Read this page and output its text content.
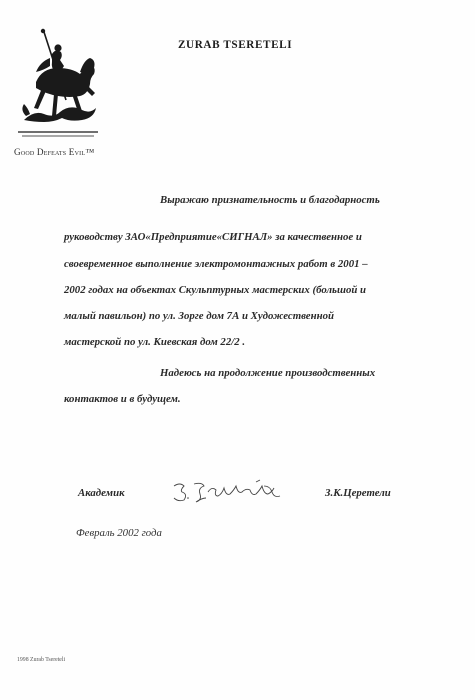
Good Defeats Evil™
ZURAB TSERETELI
Выражаю признательность и благодарность
руководству ЗАО«Предприятие«СИГНАЛ» за качественное и
своевременное выполнение электромонтажных работ в 2001 –
2002 годах на объектах Скульптурных мастерских (большой и
малый павильон) по ул. Зорге дом 7А и Художественной
мастерской по ул. Киевская дом 22/2 .
Надеюсь на продолжение производственных
контактов и в будущем.
Академик	З.К.Церетели
Февраль 2002 года
1998 Zurab Tsereteli
